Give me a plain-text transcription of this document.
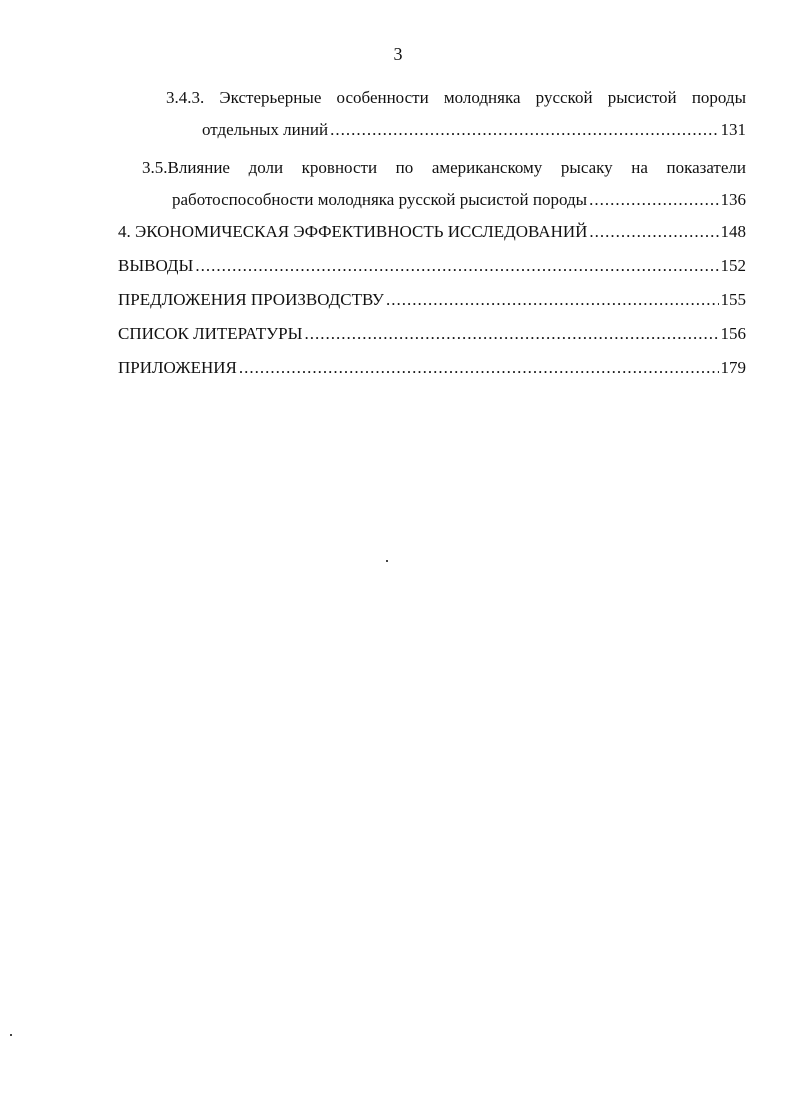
3
3.4.3. Экстерьерные особенности молодняка русской рысистой породы
отдельных линий .....	131
3.5.Влияние доли кровности по американскому рысаку на показатели
работоспособности молодняка русской рысистой породы .....	136
4. ЭКОНОМИЧЕСКАЯ ЭФФЕКТИВНОСТЬ ИССЛЕДОВАНИЙ .....	148
ВЫВОДЫ .....	152
ПРЕДЛОЖЕНИЯ ПРОИЗВОДСТВУ .....	155
СПИСОК ЛИТЕРАТУРЫ .....	156
ПРИЛОЖЕНИЯ .....	179
